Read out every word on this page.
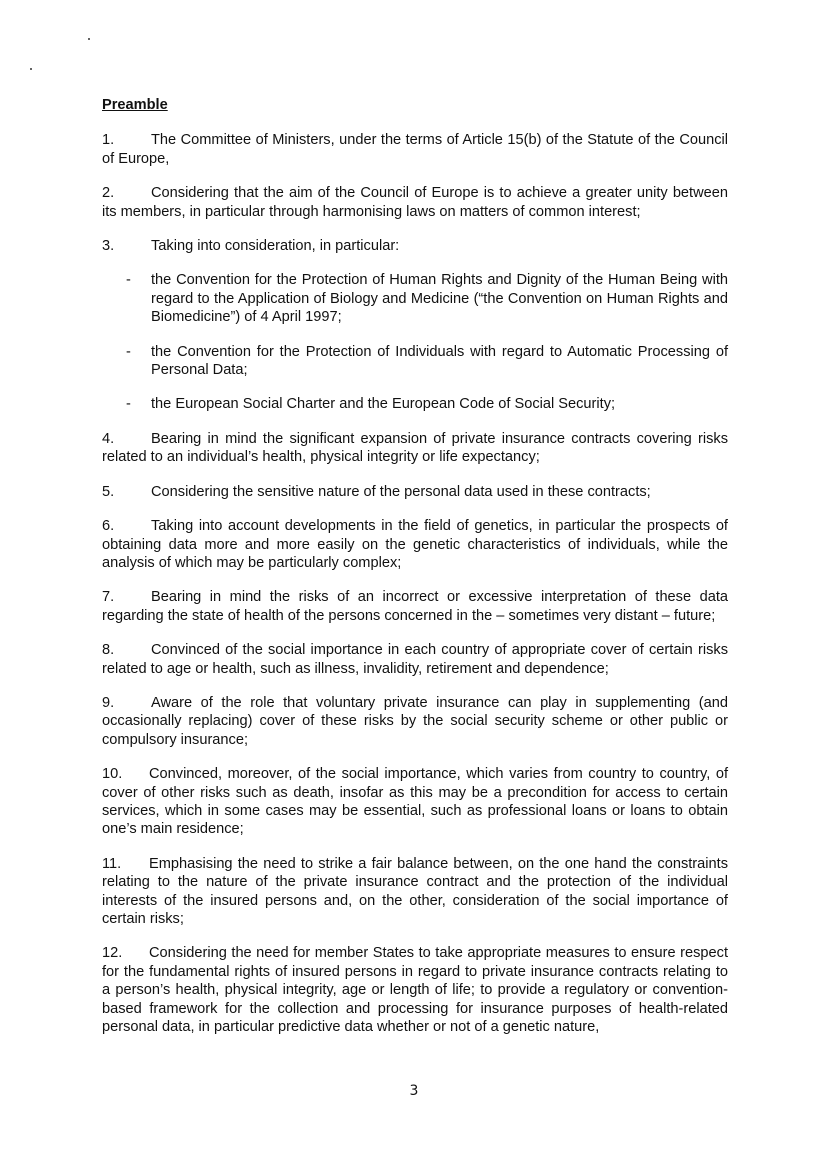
Preamble

1.	The Committee of Ministers, under the terms of Article 15(b) of the Statute of the Council of Europe,

2.	Considering that the aim of the Council of Europe is to achieve a greater unity between its members, in particular through harmonising laws on matters of common interest;

3.	Taking into consideration, in particular:

- the Convention for the Protection of Human Rights and Dignity of the Human Being with regard to the Application of Biology and Medicine (“the Convention on Human Rights and Biomedicine”) of 4 April 1997;
- the Convention for the Protection of Individuals with regard to Automatic Processing of Personal Data;
- the European Social Charter and the European Code of Social Security;

4.	Bearing in mind the significant expansion of private insurance contracts covering risks related to an individual’s health, physical integrity or life expectancy;

5.	Considering the sensitive nature of the personal data used in these contracts;

6.	Taking into account developments in the field of genetics, in particular the prospects of obtaining data more and more easily on the genetic characteristics of individuals, while the analysis of which may be particularly complex;

7.	Bearing in mind the risks of an incorrect or excessive interpretation of these data regarding the state of health of the persons concerned in the – sometimes very distant – future;

8.	Convinced of the social importance in each country of appropriate cover of certain risks related to age or health, such as illness, invalidity, retirement and dependence;

9.	Aware of the role that voluntary private insurance can play in supplementing (and occasionally replacing) cover of these risks by the social security scheme or other public or compulsory insurance;

10. Convinced, moreover, of the social importance, which varies from country to country, of cover of other risks such as death, insofar as this may be a precondition for access to certain services, which in some cases may be essential, such as professional loans or loans to obtain one’s main residence;

11. Emphasising the need to strike a fair balance between, on the one hand the constraints relating to the nature of the private insurance contract and the protection of the individual interests of the insured persons and, on the other, consideration of the social importance of certain risks;

12. Considering the need for member States to take appropriate measures to ensure respect for the fundamental rights of insured persons in regard to private insurance contracts relating to a person’s health, physical integrity, age or length of life; to provide a regulatory or convention-based framework for the collection and processing for insurance purposes of health-related personal data, in particular predictive data whether or not of a genetic nature,

3
